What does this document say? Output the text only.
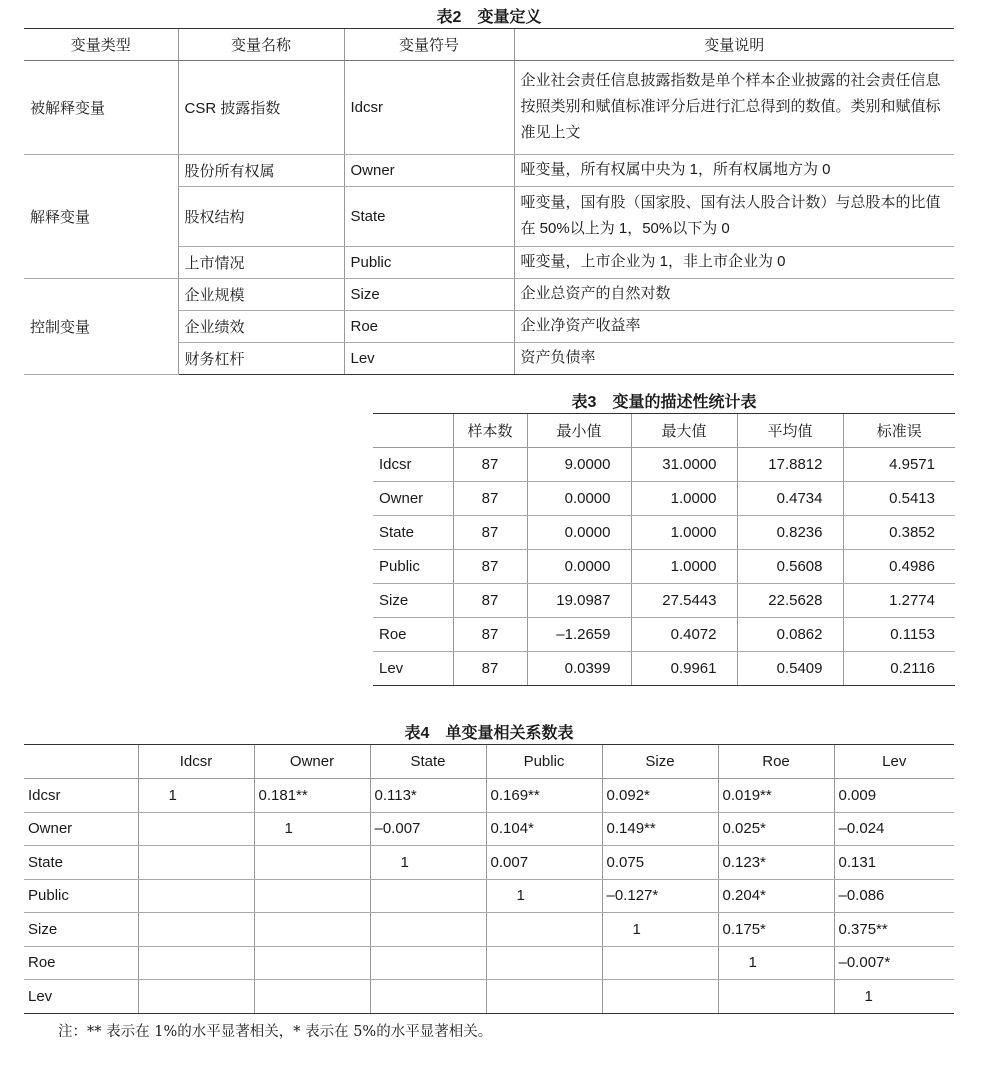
表2　变量定义
变量类型	变量名称	变量符号	变量说明
被解释变量	CSR 披露指数	Idcsr	企业社会责任信息披露指数是单个样本企业披露的社会责任信息按照类别和赋值标准评分后进行汇总得到的数值。类别和赋值标准见上文
解释变量	股份所有权属	Owner	哑变量，所有权属中央为 1，所有权属地方为 0
	股权结构	State	哑变量，国有股（国家股、国有法人股合计数）与总股本的比值在 50%以上为 1，50%以下为 0
	上市情况	Public	哑变量，上市企业为 1，非上市企业为 0
控制变量	企业规模	Size	企业总资产的自然对数
	企业绩效	Roe	企业净资产收益率
	财务杠杆	Lev	资产负债率
表3　变量的描述性统计表
	样本数	最小值	最大值	平均值	标准误
Idcsr	87	9.0000	31.0000	17.8812	4.9571
Owner	87	0.0000	1.0000	0.4734	0.5413
State	87	0.0000	1.0000	0.8236	0.3852
Public	87	0.0000	1.0000	0.5608	0.4986
Size	87	19.0987	27.5443	22.5628	1.2774
Roe	87	–1.2659	0.4072	0.0862	0.1153
Lev	87	0.0399	0.9961	0.5409	0.2116
表4　单变量相关系数表
	Idcsr	Owner	State	Public	Size	Roe	Lev
Idcsr	1	0.181**	0.113*	0.169**	0.092*	0.019**	0.009
Owner		1	–0.007	0.104*	0.149**	0.025*	–0.024
State			1	0.007	0.075	0.123*	0.131
Public				1	–0.127*	0.204*	–0.086
Size					1	0.175*	0.375**
Roe						1	–0.007*
Lev							1
注：** 表示在 1%的水平显著相关，* 表示在 5%的水平显著相关。
